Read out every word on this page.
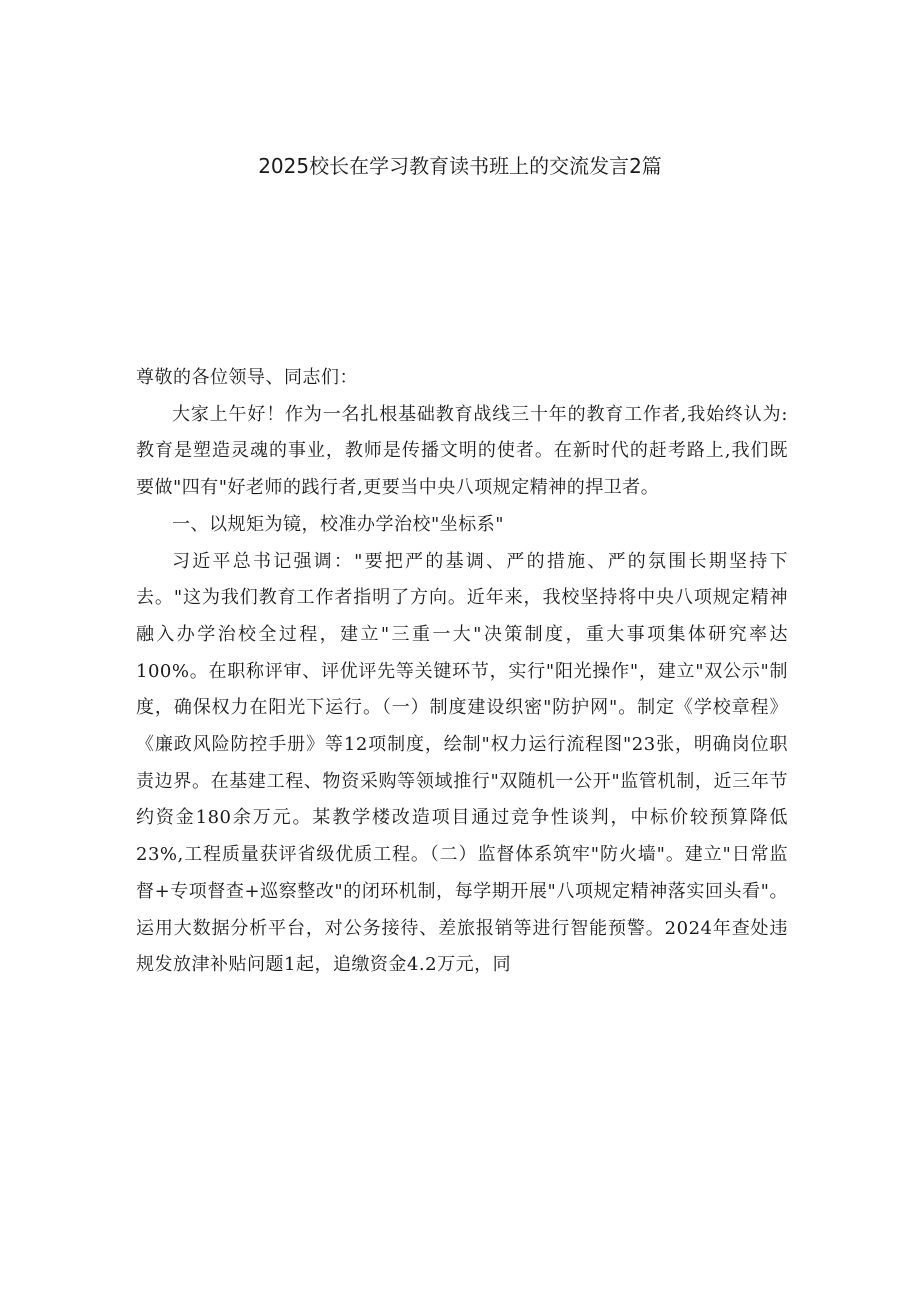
2025校长在学习教育读书班上的交流发言2篇

尊敬的各位领导、同志们：

大家上午好！作为一名扎根基础教育战线三十年的教育工作者,我始终认为:教育是塑造灵魂的事业，教师是传播文明的使者。在新时代的赶考路上,我们既要做"四有"好老师的践行者,更要当中央八项规定精神的捍卫者。

一、以规矩为镜，校准办学治校"坐标系"

习近平总书记强调："要把严的基调、严的措施、严的氛围长期坚持下去。"这为我们教育工作者指明了方向。近年来，我校坚持将中央八项规定精神融入办学治校全过程，建立"三重一大"决策制度，重大事项集体研究率达100%。在职称评审、评优评先等关键环节，实行"阳光操作"，建立"双公示"制度，确保权力在阳光下运行。（一）制度建设织密"防护网"。制定《学校章程》《廉政风险防控手册》等12项制度，绘制"权力运行流程图"23张，明确岗位职责边界。在基建工程、物资采购等领域推行"双随机一公开"监管机制，近三年节约资金180余万元。某教学楼改造项目通过竞争性谈判，中标价较预算降低23%,工程质量获评省级优质工程。（二）监督体系筑牢"防火墙"。建立"日常监督+专项督查+巡察整改"的闭环机制，每学期开展"八项规定精神落实回头看"。运用大数据分析平台，对公务接待、差旅报销等进行智能预警。2024年查处违规发放津补贴问题1起，追缴资金4.2万元，同
